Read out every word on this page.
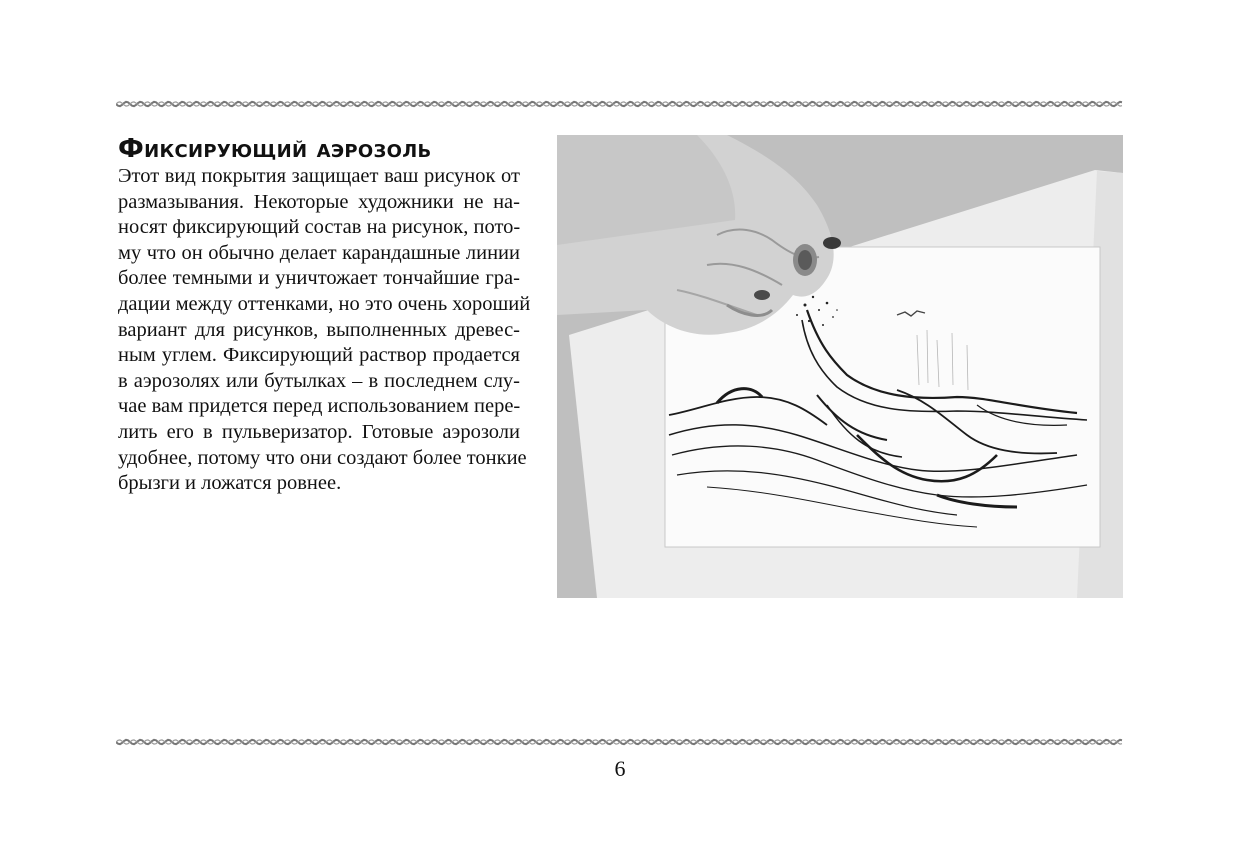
Фиксирующий аэрозоль
Этот вид покрытия защищает ваш рисунок от
размазывания. Некоторые художники не на-
носят фиксирующий состав на рисунок, пото-
му что он обычно делает карандашные линии
более темными и уничтожает тончайшие гра-
дации между оттенками, но это очень хороший
вариант для рисунков, выполненных древес-
ным углем. Фиксирующий раствор продается
в аэрозолях или бутылках – в последнем слу-
чае вам придется перед использованием пере-
лить его в пульверизатор. Готовые аэрозоли
удобнее, потому что они создают более тонкие
брызги и ложатся ровнее.
6
